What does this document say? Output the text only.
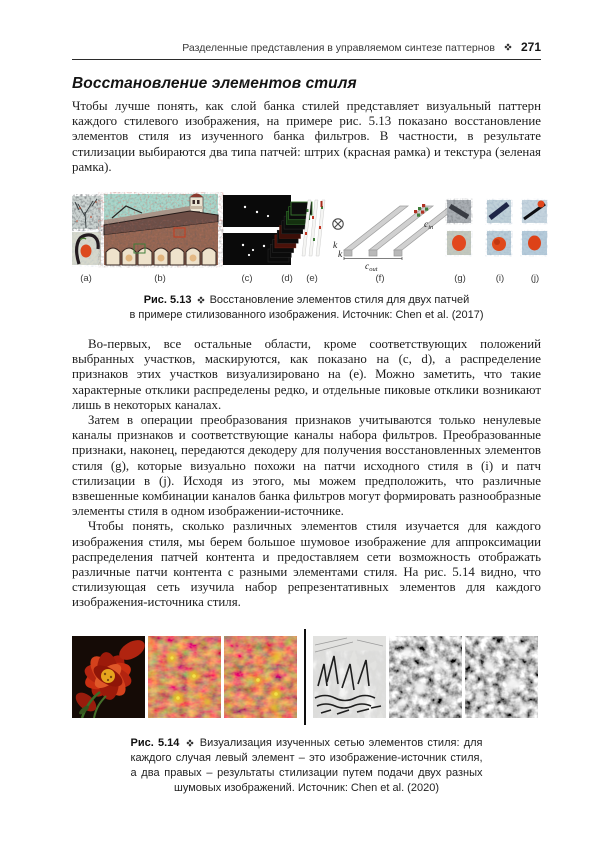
Разделенные представления в управляемом синтезе паттернов 271
Восстановление элементов стиля

Чтобы лучше понять, как слой банка стилей представляет визуальный паттерн каждого стилевого изображения, на примере рис. 5.13 показано восстановление элементов стиля из изученного банка фильтров. В частности, в результате стилизации выбираются два типа патчей: штрих (красная рамка) и текстура (зеленая рамка).

k
k
$c_{out}$
$c_{in}$
(a)	(b)	(c)	(d) (e)	(f)	(g)	(i)	(j)
Рис. 5.13 Восстановление элементов стиля для двух патчей
в примере стилизованного изображения. Источник: Chen et al. (2017)

Во-первых, все остальные области, кроме соответствующих положений выбранных участков, маскируются, как показано на (c, d), а распределение признаков этих участков визуализировано на (e). Можно заметить, что такие характерные отклики распределены редко, и отдельные пиковые отклики возникают лишь в некоторых каналах.

Затем в операции преобразования признаков учитываются только ненулевые каналы признаков и соответствующие каналы набора фильтров. Преобразованные признаки, наконец, передаются декодеру для получения восстановленных элементов стиля (g), которые визуально похожи на патчи исходного стиля в (i) и патч стилизации в (j). Исходя из этого, мы можем предположить, что различные взвешенные комбинации каналов банка фильтров могут формировать разнообразные элементы стиля в одном изображении-источнике.

Чтобы понять, сколько различных элементов стиля изучается для каждого изображения стиля, мы берем большое шумовое изображение для аппроксимации распределения патчей контента и предоставляем сети возможность отображать различные патчи контента с разными элементами стиля. На рис. 5.14 видно, что стилизующая сеть изучила набор репрезентативных элементов для каждого изображения-источника стиля.

Рис. 5.14 Визуализация изученных сетью элементов стиля: для каждого случая левый элемент – это изображение-источник стиля, а два правых – результаты стилизации путем подачи двух разных шумовых изображений. Источник: Chen et al. (2020)
